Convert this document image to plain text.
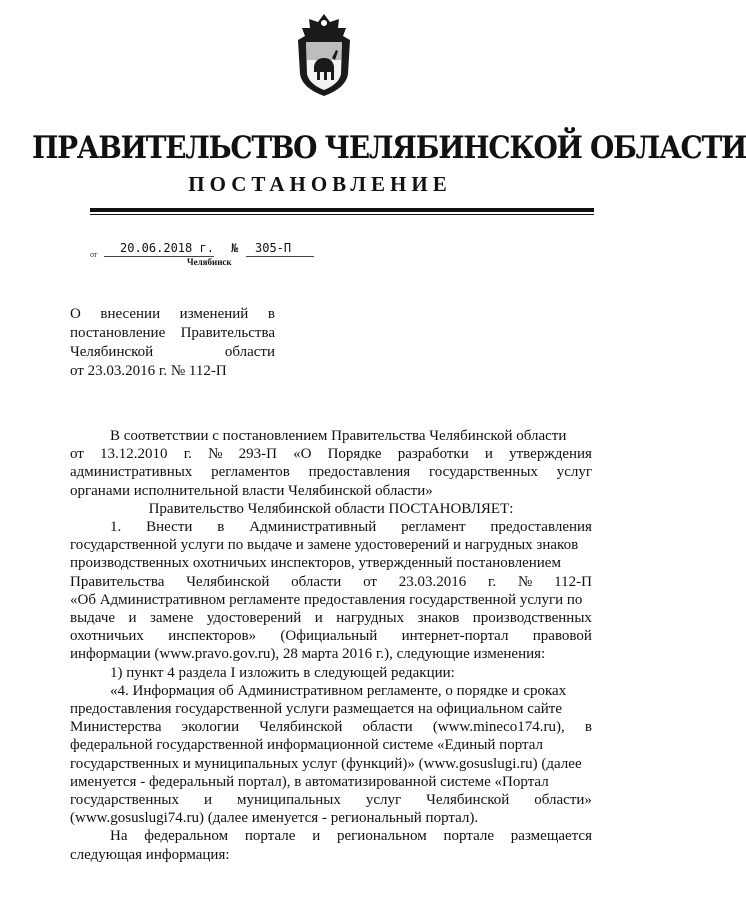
ПРАВИТЕЛЬСТВО ЧЕЛЯБИНСКОЙ ОБЛАСТИ
ПОСТАНОВЛЕНИЕ
от 20.06.2018 г. № 305-П
Челябинск
О внесении изменений в
постановление Правительства
Челябинской	области
от 23.03.2016 г. № 112-П
В соответствии с постановлением Правительства Челябинской области
от 13.12.2010 г. № 293-П «О Порядке разработки и утверждения
административных регламентов предоставления государственных услуг
органами исполнительной власти Челябинской области»
Правительство Челябинской области ПОСТАНОВЛЯЕТ:
1. Внести в Административный регламент предоставления
государственной услуги по выдаче и замене удостоверений и нагрудных знаков
производственных охотничьих инспекторов, утвержденный постановлением
Правительства Челябинской области от 23.03.2016 г. № 112-П
«Об Административном регламенте предоставления государственной услуги по
выдаче и замене удостоверений и нагрудных знаков производственных
охотничьих инспекторов» (Официальный интернет-портал правовой
информации (www.pravo.gov.ru), 28 марта 2016 г.), следующие изменения:
1) пункт 4 раздела I изложить в следующей редакции:
«4. Информация об Административном регламенте, о порядке и сроках
предоставления государственной услуги размещается на официальном сайте
Министерства экологии Челябинской области (www.mineco174.ru), в
федеральной государственной информационной системе «Единый портал
государственных и муниципальных услуг (функций)» (www.gosuslugi.ru) (далее
именуется - федеральный портал), в автоматизированной системе «Портал
государственных и муниципальных услуг Челябинской области»
(www.gosuslugi74.ru) (далее именуется - региональный портал).
На федеральном портале и региональном портале размещается
следующая информация:
